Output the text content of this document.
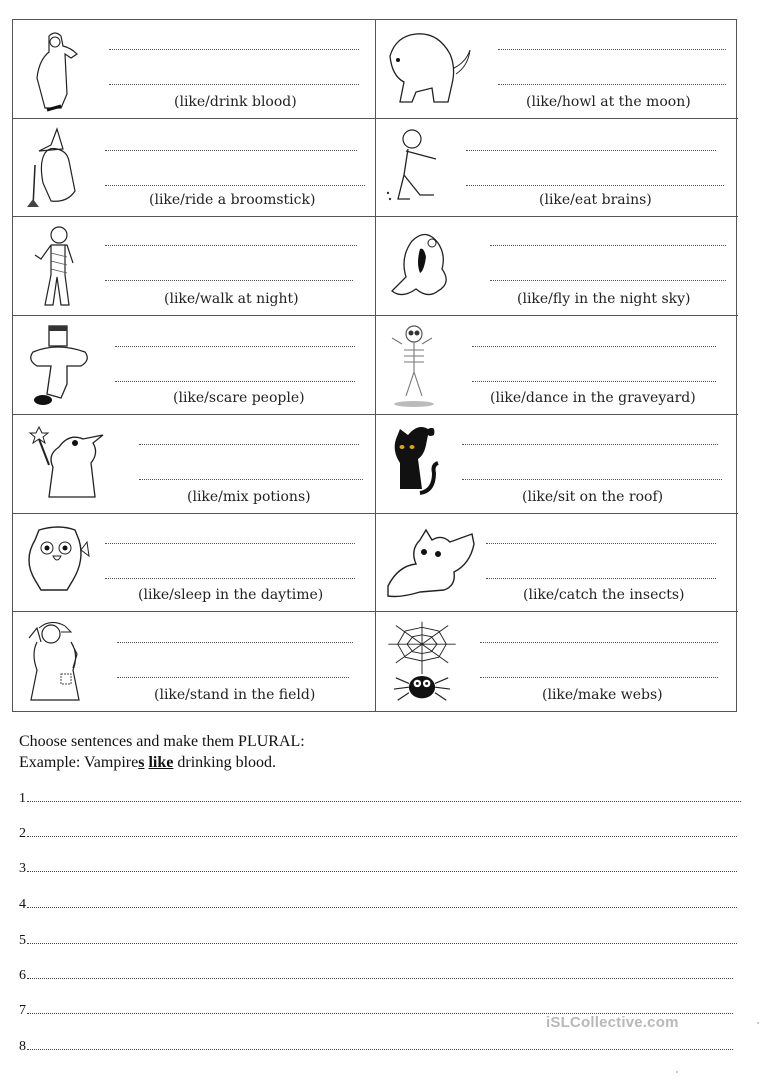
(like/drink blood)	(like/howl at the moon)
(like/ride a broomstick)	(like/eat brains)
(like/walk at night)	(like/fly in the night sky)
(like/scare people)	(like/dance in the graveyard)
(like/mix potions)	(like/sit on the roof)
(like/sleep in the daytime)	(like/catch the insects)
(like/stand in the field)	(like/make webs)
Choose sentences and make them PLURAL:
Example: Vampires like drinking blood.
1
2
3
4
5
6
7
8
iSLCollective.com
